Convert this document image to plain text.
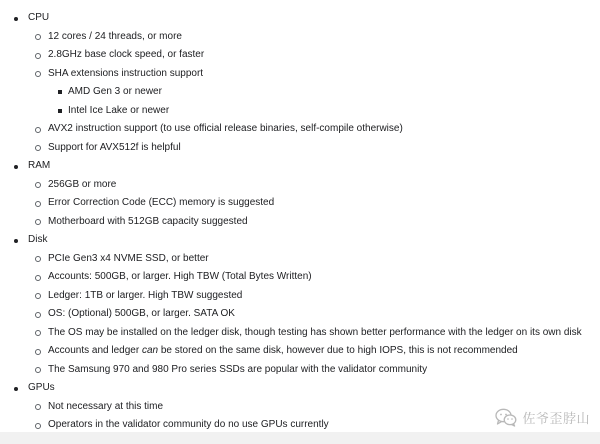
CPU
12 cores / 24 threads, or more
2.8GHz base clock speed, or faster
SHA extensions instruction support
AMD Gen 3 or newer
Intel Ice Lake or newer
AVX2 instruction support (to use official release binaries, self-compile otherwise)
Support for AVX512f is helpful
RAM
256GB or more
Error Correction Code (ECC) memory is suggested
Motherboard with 512GB capacity suggested
Disk
PCIe Gen3 x4 NVME SSD, or better
Accounts: 500GB, or larger. High TBW (Total Bytes Written)
Ledger: 1TB or larger. High TBW suggested
OS: (Optional) 500GB, or larger. SATA OK
The OS may be installed on the ledger disk, though testing has shown better performance with the ledger on its own disk
Accounts and ledger can be stored on the same disk, however due to high IOPS, this is not recommended
The Samsung 970 and 980 Pro series SSDs are popular with the validator community
GPUs
Not necessary at this time
Operators in the validator community do no use GPUs currently	佐爷歪脖山
